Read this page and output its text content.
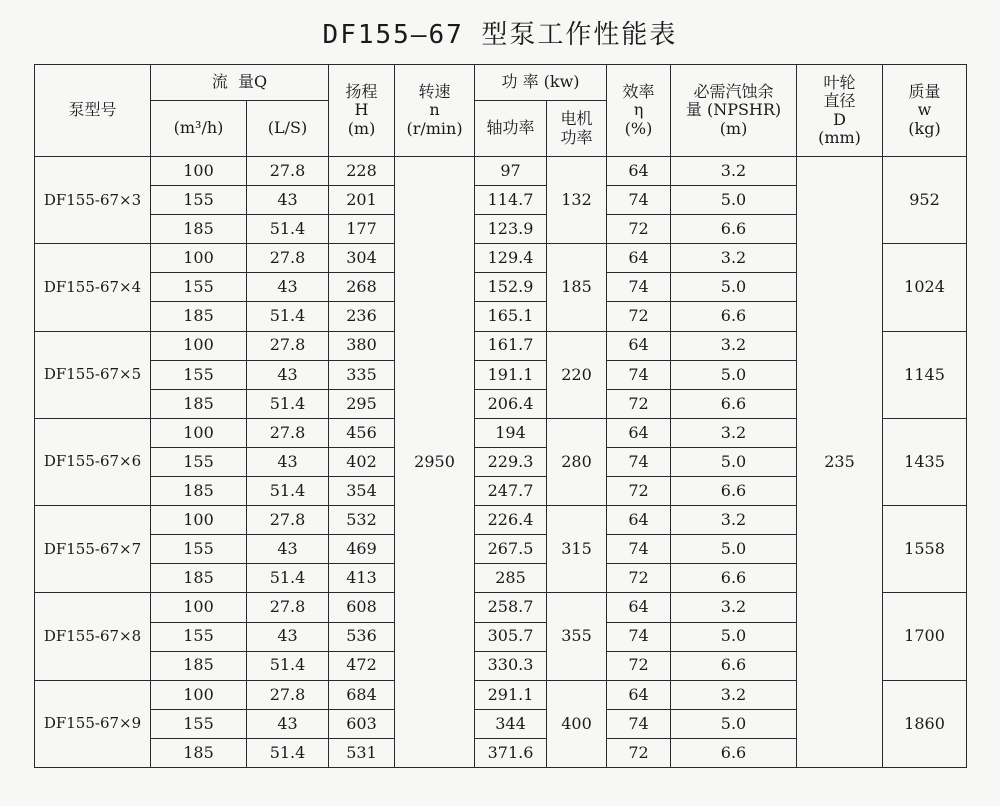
DF155—67 型泵工作性能表
泵型号	流  量Q		扬程
H
(m)	转速
n
(r/min)	功 率 (kw)		效率
η
(%)	必需汽蚀余
量 (NPSHR)
(m)	叶轮
直径
D
(mm)	质量
w
(kg)

	(m³/h)	(L/S)			轴功率	电机
功率				

DF155-67×3	100	27.8	228	2950	97	132	64	3.2	235	952
	155	43	201		114.7		74	5.0		
	185	51.4	177		123.9		72	6.6		
DF155-67×4	100	27.8	304		129.4	185	64	3.2		1024
	155	43	268		152.9		74	5.0		
	185	51.4	236		165.1		72	6.6		
DF155-67×5	100	27.8	380		161.7	220	64	3.2		1145
	155	43	335		191.1		74	5.0		
	185	51.4	295		206.4		72	6.6		
DF155-67×6	100	27.8	456		194	280	64	3.2		1435
	155	43	402		229.3		74	5.0		
	185	51.4	354		247.7		72	6.6		
DF155-67×7	100	27.8	532		226.4	315	64	3.2		1558
	155	43	469		267.5		74	5.0		
	185	51.4	413		285		72	6.6		
DF155-67×8	100	27.8	608		258.7	355	64	3.2		1700
	155	43	536		305.7		74	5.0		
	185	51.4	472		330.3		72	6.6		
DF155-67×9	100	27.8	684		291.1	400	64	3.2		1860
	155	43	603		344		74	5.0		
	185	51.4	531		371.6		72	6.6		
